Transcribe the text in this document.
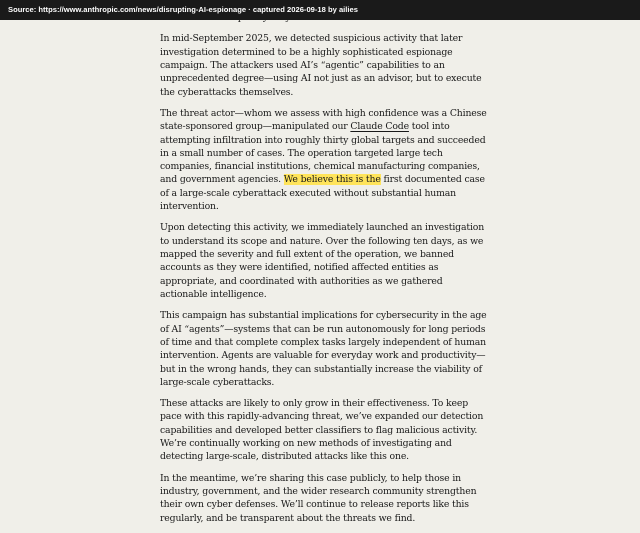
Source: https://www.anthropic.com/news/disrupting-AI-espionage · captured 2026-09-18 by ailies

In mid-September 2025, we detected suspicious activity that later investigation determined to be a highly sophisticated espionage campaign. The attackers used AI’s “agentic” capabilities to an unprecedented degree—using AI not just as an advisor, but to execute the cyberattacks themselves.

The threat actor—whom we assess with high confidence was a Chinese state-sponsored group—manipulated our Claude Code tool into attempting infiltration into roughly thirty global targets and succeeded in a small number of cases. The operation targeted large tech companies, financial institutions, chemical manufacturing companies, and government agencies. We believe this is the first documented case of a large-scale cyberattack executed without substantial human intervention.

Upon detecting this activity, we immediately launched an investigation to understand its scope and nature. Over the following ten days, as we mapped the severity and full extent of the operation, we banned accounts as they were identified, notified affected entities as appropriate, and coordinated with authorities as we gathered actionable intelligence.

This campaign has substantial implications for cybersecurity in the age of AI “agents”—systems that can be run autonomously for long periods of time and that complete complex tasks largely independent of human intervention. Agents are valuable for everyday work and productivity—but in the wrong hands, they can substantially increase the viability of large-scale cyberattacks.

These attacks are likely to only grow in their effectiveness. To keep pace with this rapidly-advancing threat, we’ve expanded our detection capabilities and developed better classifiers to flag malicious activity. We’re continually working on new methods of investigating and detecting large-scale, distributed attacks like this one.

In the meantime, we’re sharing this case publicly, to help those in industry, government, and the wider research community strengthen their own cyber defenses. We’ll continue to release reports like this regularly, and be transparent about the threats we find.
